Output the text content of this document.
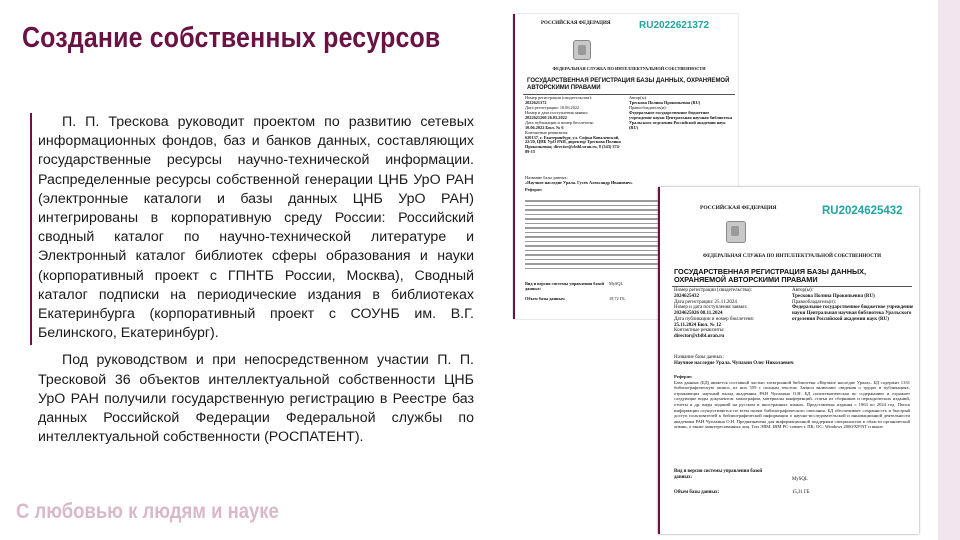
Создание собственных ресурсов

П. П. Трескова руководит проектом по развитию сетевых информационных фондов, баз и банков данных, составляющих государственные ресурсы научно-технической информации. Распределенные ресурсы собственной генерации ЦНБ УрО РАН (электронные каталоги и базы данных ЦНБ УрО РАН) интегрированы в корпоративную среду России: Российский сводный каталог по научно-технической литературе и Электронный каталог библиотек сферы образования и науки (корпоративный проект с ГПНТБ России, Москва), Сводный каталог подписки на периодические издания в библиотеках Екатеринбурга (корпоративный проект с СОУНБ им. В.Г. Белинского, Екатеринбург).

Под руководством и при непосредственном участии П. П. Тресковой 36 объектов интеллектуальной собственности ЦНБ УрО РАН получили государственную регистрацию в Реестре баз данных Российской Федерации Федеральной службы по интеллектуальной собственности (РОСПАТЕНТ).

С любовью к людям и науке
РОССИЙСКАЯ ФЕДЕРАЦИЯ	RU2022621372
ФЕДЕРАЛЬНАЯ СЛУЖБА ПО ИНТЕЛЛЕКТУАЛЬНОЙ СОБСТВЕННОСТИ
ГОСУДАРСТВЕННАЯ РЕГИСТРАЦИЯ БАЗЫ ДАННЫХ, ОХРАНЯЕМОЙ АВТОРСКИМИ ПРАВАМИ
Номер регистрации (свидетельства):
2022621372
Дата регистрации: 10.06.2022
Номер и дата поступления заявки:
2022621260 26.05.2022
Дата публикации и номер бюллетеня:
10.06.2022 Бюл. № 6
Контактные реквизиты:
620137, г. Екатеринбург, ул. Софьи Ковалевской, 22/20, ЦНБ УрО РАН, директор Трескова Полина Прокопьевна; director@cbibl.uran.ru, 8 (343) 374-89-15
Автор(ы):
Трескова Полина Прокопьевна (RU)
Правообладатель(и):
Федеральное государственное бюджетное учреждение науки Центральная научная библиотека Уральского отделения Российской академии наук (RU)
Название базы данных:
«Научное наследие Урала. Гусев Александр Иванович»
Реферат:
Вид и версия системы управления базой данных:
MySQL
Объем базы данных:	19,72 ГБ
РОССИЙСКАЯ ФЕДЕРАЦИЯ	RU2024625432
ФЕДЕРАЛЬНАЯ СЛУЖБА ПО ИНТЕЛЛЕКТУАЛЬНОЙ СОБСТВЕННОСТИ
ГОСУДАРСТВЕННАЯ РЕГИСТРАЦИЯ БАЗЫ ДАННЫХ, ОХРАНЯЕМОЙ АВТОРСКИМИ ПРАВАМИ
Номер регистрации (свидетельства):
2024625432
Дата регистрации: 25.11.2024
Номер и дата поступления заявки:
2024625026 08.11.2024
Дата публикации и номер бюллетеня:
25.11.2024 Бюл. № 12
Контактные реквизиты:
director@cbibl.uran.ru
Автор(ы):
Трескова Полина Прокопьевна (RU)
Правообладатель(и):
Федеральное государственное бюджетное учреждение науки Центральная научная библиотека Уральского отделения Российской академии наук (RU)
Название базы данных:
Научное наследие Урала. Чупахин Олег Николаевич
Реферат:
База данных (БД) является составной частью электронной библиотеки «Научное наследие Урала». БД содержит 1331 библиографическую запись, из них 559 с полным текстом. Записи включают сведения о трудах и публикациях, отражающих научный вклад академика РАН Чупахина О.Н. БД политематическая по содержанию и отражает следующие виды документов: монографии, материалы конференций, статьи из сборников и периодических изданий, отчеты и др. виды изданий на русском и иностранных языках. Представлены издания с 1963 по 2024 год. Поиск информации осуществляется по всем полям библиографического описания. БД обеспечивает сохранность и быстрый доступ пользователей к библиографической информации о научно-исследовательской и инновационной деятельности академика РАН Чупахина О.Н. Предназначена для информационной поддержки специалистов в области органической химии, а также заинтересованных лиц. Тип ЭВМ: IBM PC-совмест. ПК; ОС: Windows 2000/XP/NT и выше.
Вид и версия системы управления базой данных:	MySQL
Объем базы данных:	15,31 ГБ
